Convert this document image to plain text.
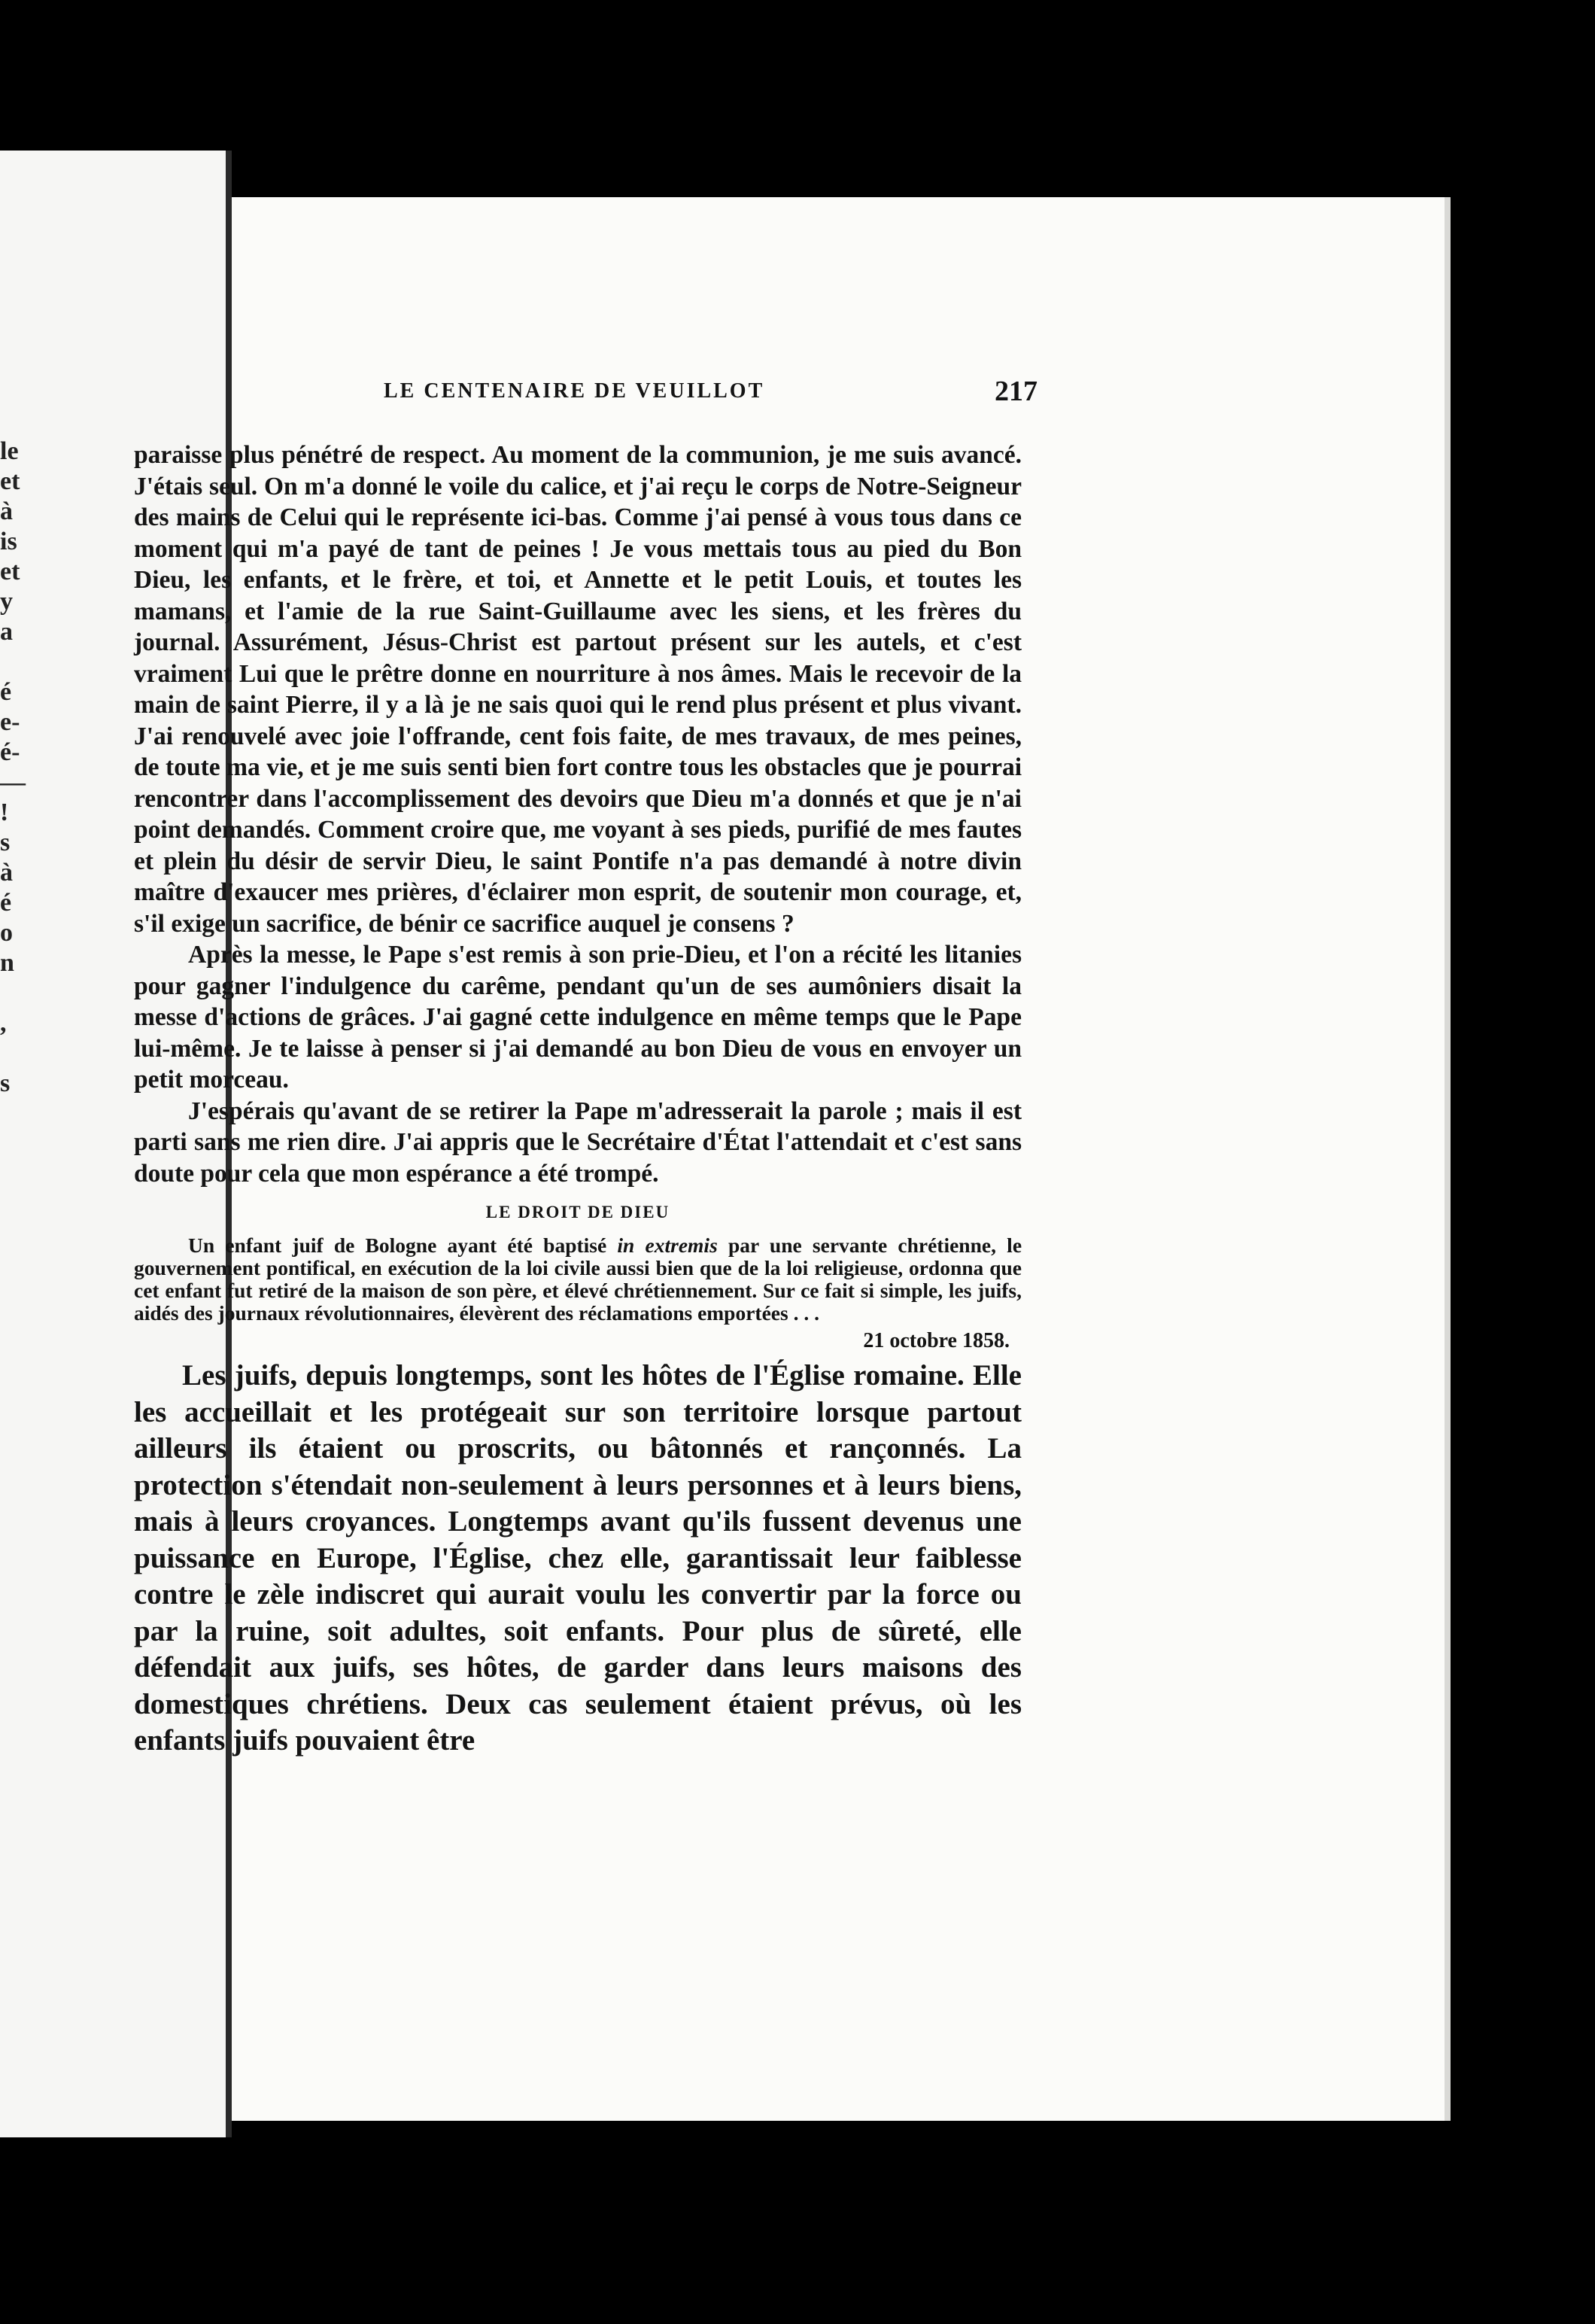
le
et
à
is
et
y
a

é
e-
é-
—
!
s
à
é
o
n

,

s
LE CENTENAIRE DE VEUILLOT	217

paraisse plus pénétré de respect. Au moment de la communion, je me suis avancé. J'étais seul. On m'a donné le voile du calice, et j'ai reçu le corps de Notre-Seigneur des mains de Celui qui le représente ici-bas. Comme j'ai pensé à vous tous dans ce moment qui m'a payé de tant de peines ! Je vous mettais tous au pied du Bon Dieu, les enfants, et le frère, et toi, et Annette et le petit Louis, et toutes les mamans, et l'amie de la rue Saint-Guillaume avec les siens, et les frères du journal. Assurément, Jésus-Christ est partout présent sur les autels, et c'est vraiment Lui que le prêtre donne en nourriture à nos âmes. Mais le recevoir de la main de saint Pierre, il y a là je ne sais quoi qui le rend plus présent et plus vivant. J'ai renouvelé avec joie l'offrande, cent fois faite, de mes travaux, de mes peines, de toute ma vie, et je me suis senti bien fort contre tous les obstacles que je pourrai rencontrer dans l'accomplissement des devoirs que Dieu m'a donnés et que je n'ai point demandés. Comment croire que, me voyant à ses pieds, purifié de mes fautes et plein du désir de servir Dieu, le saint Pontife n'a pas demandé à notre divin maître d'exaucer mes prières, d'éclairer mon esprit, de soutenir mon courage, et, s'il exige un sacrifice, de bénir ce sacrifice auquel je consens ?

Après la messe, le Pape s'est remis à son prie-Dieu, et l'on a récité les litanies pour gagner l'indulgence du carême, pendant qu'un de ses aumôniers disait la messe d'actions de grâces. J'ai gagné cette indulgence en même temps que le Pape lui-même. Je te laisse à penser si j'ai demandé au bon Dieu de vous en envoyer un petit morceau.

J'espérais qu'avant de se retirer la Pape m'adresserait la parole ; mais il est parti sans me rien dire. J'ai appris que le Secrétaire d'État l'attendait et c'est sans doute pour cela que mon espérance a été trompé.

LE DROIT DE DIEU

Un enfant juif de Bologne ayant été baptisé in extremis par une servante chrétienne, le gouvernement pontifical, en exécution de la loi civile aussi bien que de la loi religieuse, ordonna que cet enfant fut retiré de la maison de son père, et élevé chrétiennement. Sur ce fait si simple, les juifs, aidés des journaux révolutionnaires, élevèrent des réclamations emportées . . .

21 octobre 1858.

Les juifs, depuis longtemps, sont les hôtes de l'Église romaine. Elle les accueillait et les protégeait sur son territoire lorsque partout ailleurs ils étaient ou proscrits, ou bâtonnés et rançonnés. La protection s'étendait non-seulement à leurs personnes et à leurs biens, mais à leurs croyances. Longtemps avant qu'ils fussent devenus une puissance en Europe, l'Église, chez elle, garantissait leur faiblesse contre le zèle indiscret qui aurait voulu les convertir par la force ou par la ruine, soit adultes, soit enfants. Pour plus de sûreté, elle défendait aux juifs, ses hôtes, de garder dans leurs maisons des domestiques chrétiens. Deux cas seulement étaient prévus, où les enfants juifs pouvaient être
